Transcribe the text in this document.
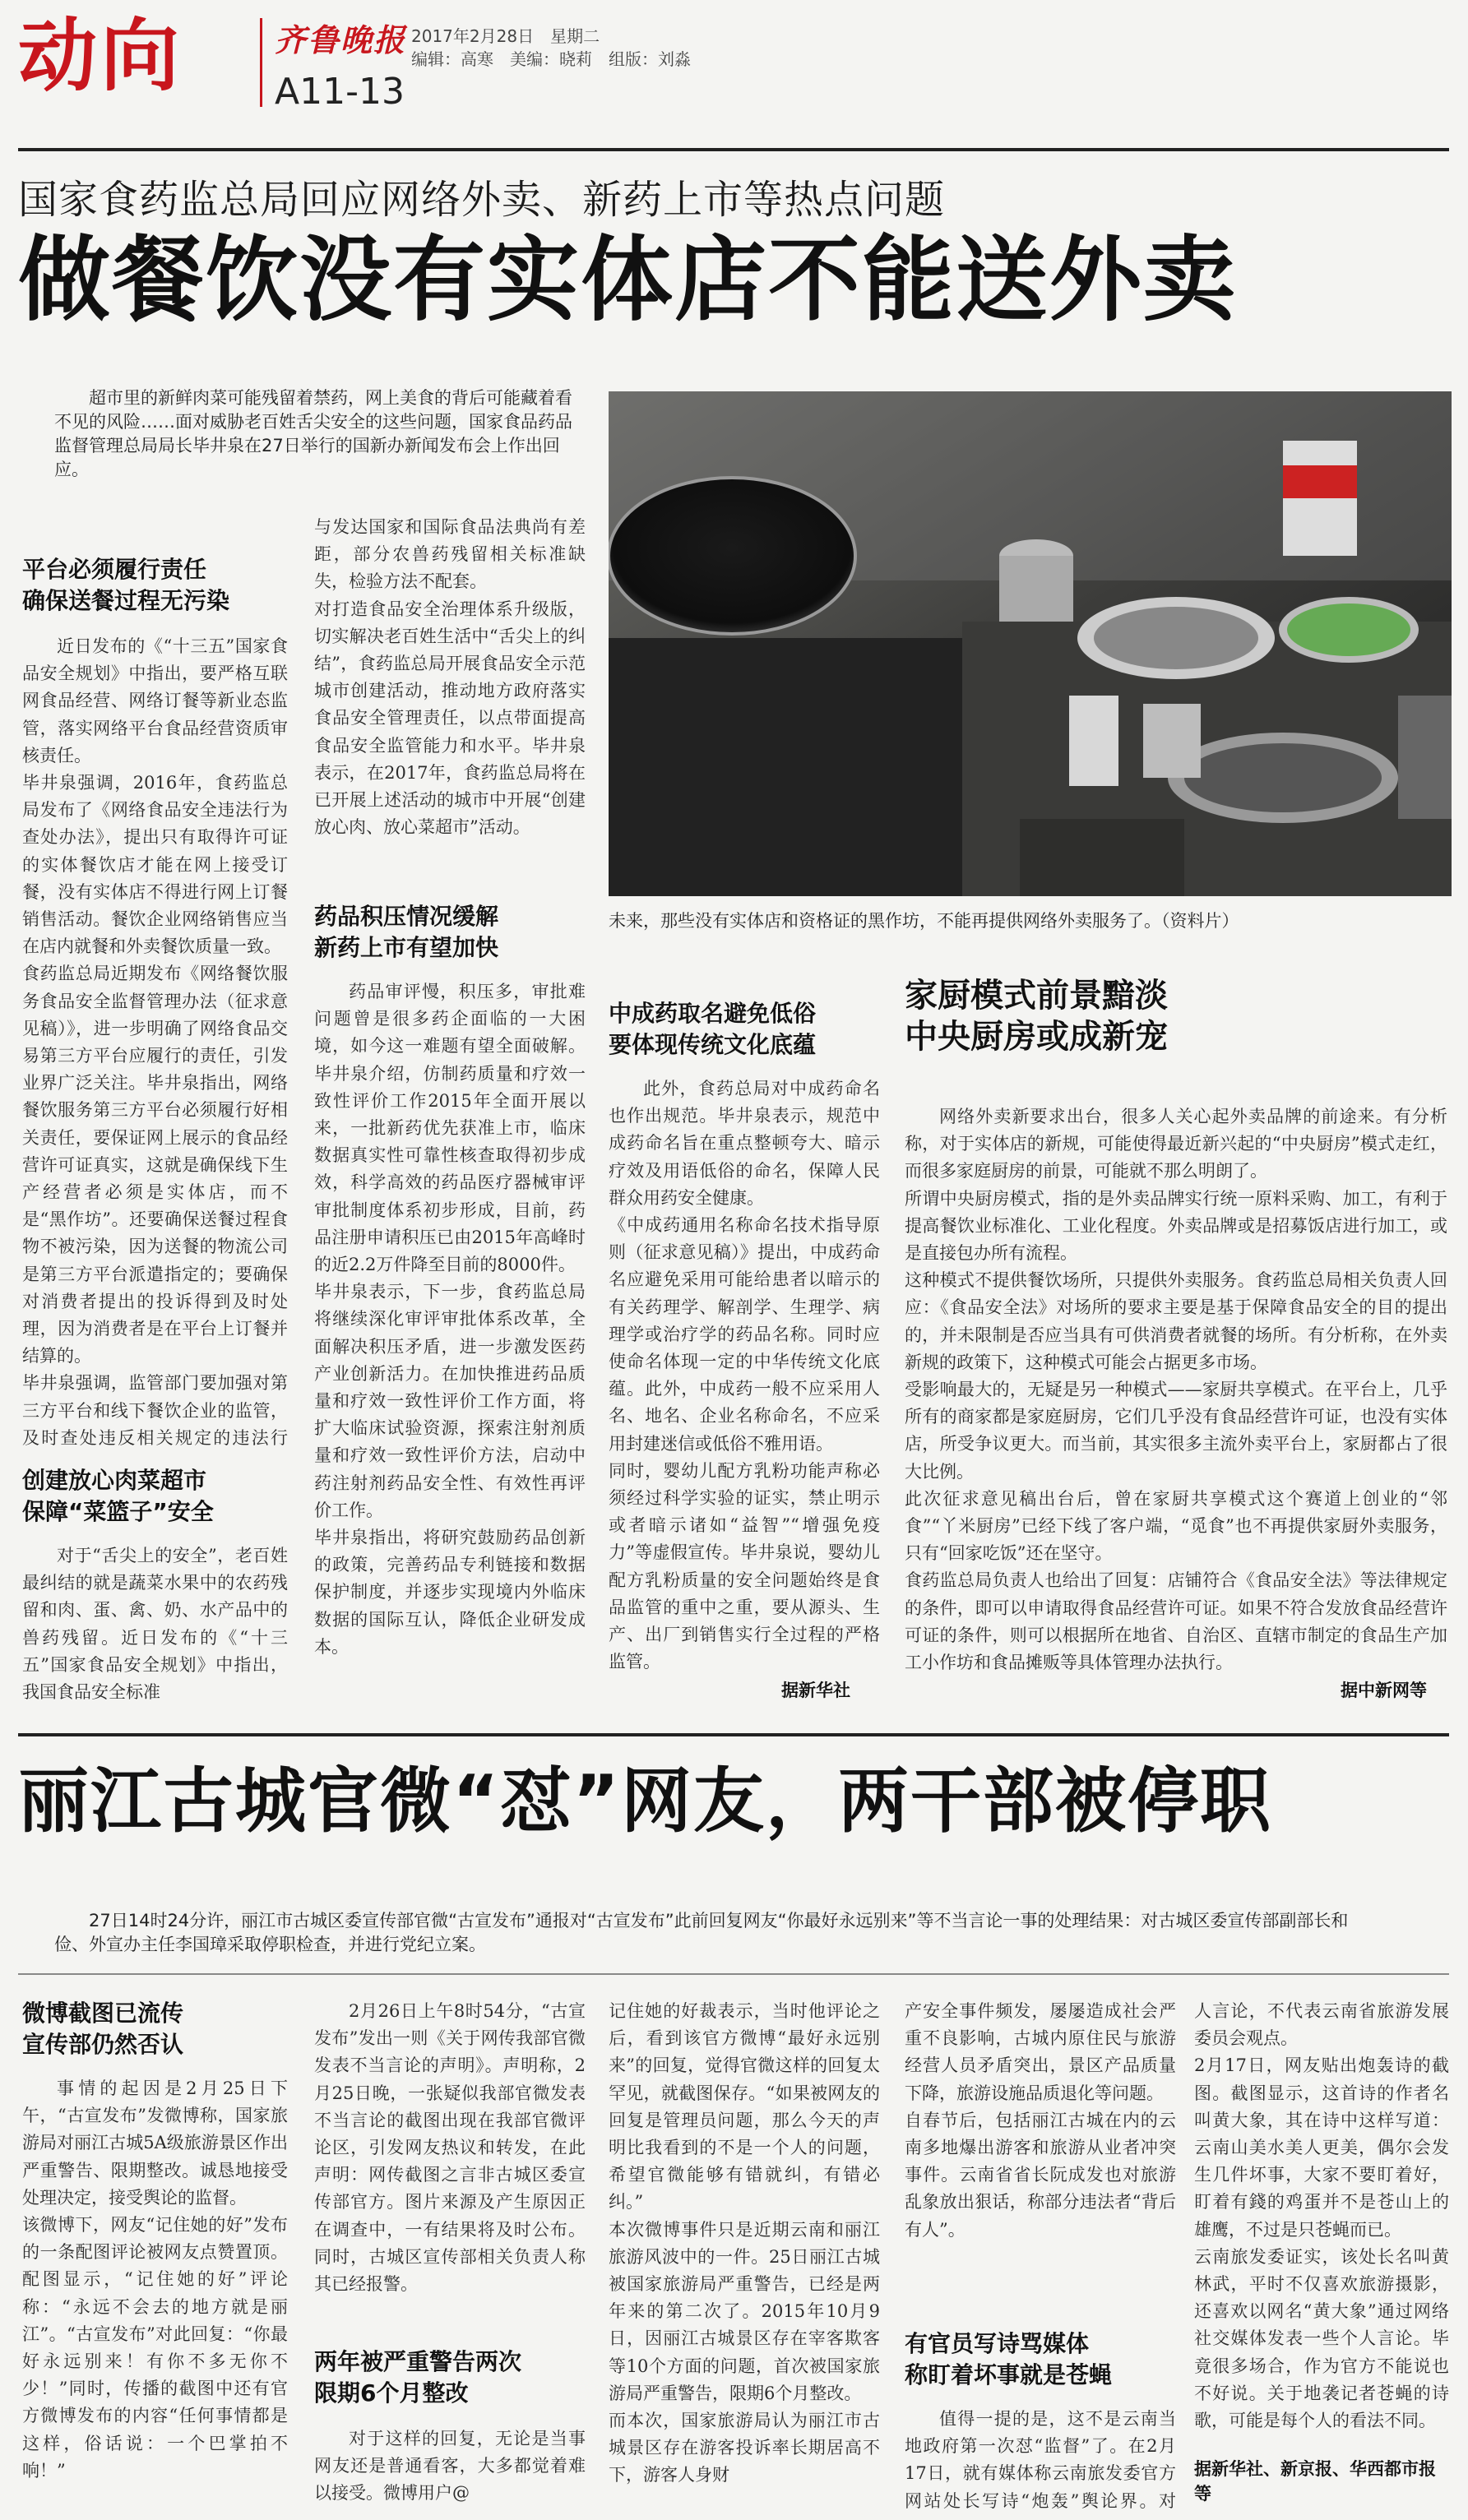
动向	齐鲁晚报 2017年2月28日　星期二
编辑：高寒　美编：晓莉　组版：刘淼
A11-13
国家食药监总局回应网络外卖、新药上市等热点问题
做餐饮没有实体店不能送外卖
超市里的新鲜肉菜可能残留着禁药，网上美食的背后可能藏着看不见的风险……面对威胁老百姓舌尖安全的这些问题，国家食品药品监督管理总局局长毕井泉在27日举行的国新办新闻发布会上作出回应。
未来，那些没有实体店和资格证的黑作坊，不能再提供网络外卖服务了。（资料片）
平台必须履行责任
确保送餐过程无污染
近日发布的《“十三五”国家食品安全规划》中指出，要严格互联网食品经营、网络订餐等新业态监管，落实网络平台食品经营资质审核责任。
毕井泉强调，2016年，食药监总局发布了《网络食品安全违法行为查处办法》，提出只有取得许可证的实体餐饮店才能在网上接受订餐，没有实体店不得进行网上订餐销售活动。餐饮企业网络销售应当在店内就餐和外卖餐饮质量一致。
食药监总局近期发布《网络餐饮服务食品安全监督管理办法（征求意见稿）》，进一步明确了网络食品交易第三方平台应履行的责任，引发业界广泛关注。毕井泉指出，网络餐饮服务第三方平台必须履行好相关责任，要保证网上展示的食品经营许可证真实，这就是确保线下生产经营者必须是实体店，而不是“黑作坊”。还要确保送餐过程食物不被污染，因为送餐的物流公司是第三方平台派遣指定的；要确保对消费者提出的投诉得到及时处理，因为消费者是在平台上订餐并结算的。
毕井泉强调，监管部门要加强对第三方平台和线下餐饮企业的监管，及时查处违反相关规定的违法行
创建放心肉菜超市
保障“菜篮子”安全
对于“舌尖上的安全”，老百姓最纠结的就是蔬菜水果中的农药残留和肉、蛋、禽、奶、水产品中的兽药残留。近日发布的《“十三五”国家食品安全规划》中指出，我国食品安全标准
与发达国家和国际食品法典尚有差距，部分农兽药残留相关标准缺失，检验方法不配套。
对打造食品安全治理体系升级版，切实解决老百姓生活中“舌尖上的纠结”，食药监总局开展食品安全示范城市创建活动，推动地方政府落实食品安全管理责任，以点带面提高食品安全监管能力和水平。毕井泉表示，在2017年，食药监总局将在已开展上述活动的城市中开展“创建放心肉、放心菜超市”活动。
药品积压情况缓解
新药上市有望加快
药品审评慢，积压多，审批难问题曾是很多药企面临的一大困境，如今这一难题有望全面破解。毕井泉介绍，仿制药质量和疗效一致性评价工作2015年全面开展以来，一批新药优先获准上市，临床数据真实性可靠性核查取得初步成效，科学高效的药品医疗器械审评审批制度体系初步形成，目前，药品注册申请积压已由2015年高峰时的近2.2万件降至目前的8000件。
毕井泉表示，下一步，食药监总局将继续深化审评审批体系改革，全面解决积压矛盾，进一步激发医药产业创新活力。在加快推进药品质量和疗效一致性评价工作方面，将扩大临床试验资源，探索注射剂质量和疗效一致性评价方法，启动中药注射剂药品安全性、有效性再评价工作。
毕井泉指出，将研究鼓励药品创新的政策，完善药品专利链接和数据保护制度，并逐步实现境内外临床数据的国际互认，降低企业研发成本。
中成药取名避免低俗
要体现传统文化底蕴
此外，食药总局对中成药命名也作出规范。毕井泉表示，规范中成药命名旨在重点整顿夸大、暗示疗效及用语低俗的命名，保障人民群众用药安全健康。
《中成药通用名称命名技术指导原则（征求意见稿）》提出，中成药命名应避免采用可能给患者以暗示的有关药理学、解剖学、生理学、病理学或治疗学的药品名称。同时应使命名体现一定的中华传统文化底蕴。此外，中成药一般不应采用人名、地名、企业名称命名，不应采用封建迷信或低俗不雅用语。
同时，婴幼儿配方乳粉功能声称必须经过科学实验的证实，禁止明示或者暗示诸如“益智”“增强免疫力”等虚假宣传。毕井泉说，婴幼儿配方乳粉质量的安全问题始终是食品监管的重中之重，要从源头、生产、出厂到销售实行全过程的严格监管。
据新华社
家厨模式前景黯淡
中央厨房或成新宠
网络外卖新要求出台，很多人关心起外卖品牌的前途来。有分析称，对于实体店的新规，可能使得最近新兴起的“中央厨房”模式走红，而很多家庭厨房的前景，可能就不那么明朗了。
所谓中央厨房模式，指的是外卖品牌实行统一原料采购、加工，有利于提高餐饮业标准化、工业化程度。外卖品牌或是招募饭店进行加工，或是直接包办所有流程。
这种模式不提供餐饮场所，只提供外卖服务。食药监总局相关负责人回应：《食品安全法》对场所的要求主要是基于保障食品安全的目的提出的，并未限制是否应当具有可供消费者就餐的场所。有分析称，在外卖新规的政策下，这种模式可能会占据更多市场。
受影响最大的，无疑是另一种模式——家厨共享模式。在平台上，几乎所有的商家都是家庭厨房，它们几乎没有食品经营许可证，也没有实体店，所受争议更大。而当前，其实很多主流外卖平台上，家厨都占了很大比例。
此次征求意见稿出台后，曾在家厨共享模式这个赛道上创业的“邻食”“丫米厨房”已经下线了客户端，“觅食”也不再提供家厨外卖服务，只有“回家吃饭”还在坚守。
食药监总局负责人也给出了回复：店铺符合《食品安全法》等法律规定的条件，即可以申请取得食品经营许可证。如果不符合发放食品经营许可证的条件，则可以根据所在地省、自治区、直辖市制定的食品生产加工小作坊和食品摊贩等具体管理办法执行。

据中新网等
丽江古城官微“怼”网友，两干部被停职
27日14时24分许，丽江市古城区委宣传部官微“古宣发布”通报对“古宣发布”此前回复网友“你最好永远别来”等不当言论一事的处理结果：对古城区委宣传部副部长和俭、外宣办主任李国璋采取停职检查，并进行党纪立案。
微博截图已流传
宣传部仍然否认
事情的起因是2月25日下午，“古宣发布”发微博称，国家旅游局对丽江古城5A级旅游景区作出严重警告、限期整改。诚恳地接受处理决定，接受舆论的监督。
该微博下，网友“记住她的好”发布的一条配图评论被网友点赞置顶。配图显示，“记住她的好”评论称：“永远不会去的地方就是丽江”。“古宣发布”对此回复：“你最好永远别来！有你不多无你不少！”同时，传播的截图中还有官方微博发布的内容“任何事情都是这样，俗话说：一个巴掌拍不响！”
2月26日上午8时54分，“古宣发布”发出一则《关于网传我部官微发表不当言论的声明》。声明称，2月25日晚，一张疑似我部官微发表不当言论的截图出现在我部官微评论区，引发网友热议和转发，在此声明：网传截图之言非古城区委宣传部官方。图片来源及产生原因正在调查中，一有结果将及时公布。同时，古城区宣传部相关负责人称其已经报警。
两年被严重警告两次
限期6个月整改
对于这样的回复，无论是当事网友还是普通看客，大多都觉着难以接受。微博用户@
记住她的好裁表示，当时他评论之后，看到该官方微博“最好永远别来”的回复，觉得官微这样的回复太罕见，就截图保存。“如果被网友的回复是管理员问题，那么今天的声明比我看到的不是一个人的问题，希望官微能够有错就纠，有错必纠。”
本次微博事件只是近期云南和丽江旅游风波中的一件。25日丽江古城被国家旅游局严重警告，已经是两年来的第二次了。2015年10月9日，因丽江古城景区存在宰客欺客等10个方面的问题，首次被国家旅游局严重警告，限期6个月整改。
而本次，国家旅游局认为丽江市古城景区存在游客投诉率长期居高不下，游客人身财
产安全事件频发，屡屡造成社会严重不良影响，古城内原住民与旅游经营人员矛盾突出，景区产品质量下降，旅游设施品质退化等问题。
自春节后，包括丽江古城在内的云南多地爆出游客和旅游从业者冲突事件。云南省省长阮成发也对旅游乱象放出狠话，称部分违法者“背后有人”。
有官员写诗骂媒体
称盯着坏事就是苍蝇
值得一提的是，这不是云南当地政府第一次怼“监督”了。在2月17日，就有媒体称云南旅发委官方网站处长写诗“炮轰”舆论界。对
人言论，不代表云南省旅游发展委员会观点。
2月17日，网友贴出炮轰诗的截图。截图显示，这首诗的作者名叫黄大象，其在诗中这样写道：云南山美水美人更美，偶尔会发生几件坏事，大家不要盯着好，盯着有錢的鸡蛋并不是苍山上的雄鹰，不过是只苍蝇而已。
云南旅发委证实，该处长名叫黄林武，平时不仅喜欢旅游摄影，还喜欢以网名“黄大象”通过网络社交媒体发表一些个人言论。毕竟很多场合，作为官方不能说也不好说。关于地袭记者苍蝇的诗歌，可能是每个人的看法不同。
据新华社、新京报、华西都市报等
